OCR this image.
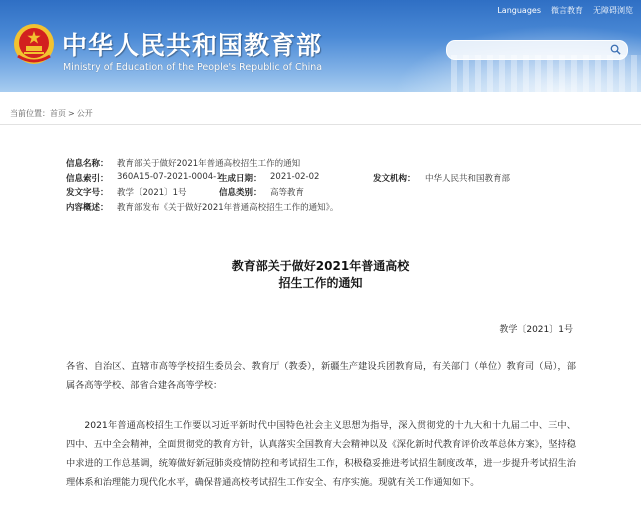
中华人民共和国教育部
Ministry of Education of the People's Republic of China
Languages 微言教育 无障碍浏览
当前位置：首页 > 公开
信息名称： 教育部关于做好2021年普通高校招生工作的通知
信息索引： 360A15-07-2021-0004-1
生成日期： 2021-02-02	发文机构： 中华人民共和国教育部
发文字号： 教学〔2021〕1号	信息类别： 高等教育
内容概述： 教育部发布《关于做好2021年普通高校招生工作的通知》。
教育部关于做好2021年普通高校
招生工作的通知
教学〔2021〕1号
各省、自治区、直辖市高等学校招生委员会、教育厅（教委），新疆生产建设兵团教育局，有关部门（单位）教育司（局），部属各高等学校、部省合建各高等学校：
2021年普通高校招生工作要以习近平新时代中国特色社会主义思想为指导，深入贯彻党的十九大和十九届二中、三中、四中、五中全会精神，全面贯彻党的教育方针，认真落实全国教育大会精神以及《深化新时代教育评价改革总体方案》，坚持稳中求进的工作总基调，统筹做好新冠肺炎疫情防控和考试招生工作，积极稳妥推进考试招生制度改革，进一步提升考试招生治理体系和治理能力现代化水平，确保普通高校考试招生工作安全、有序实施。现就有关工作通知如下。
